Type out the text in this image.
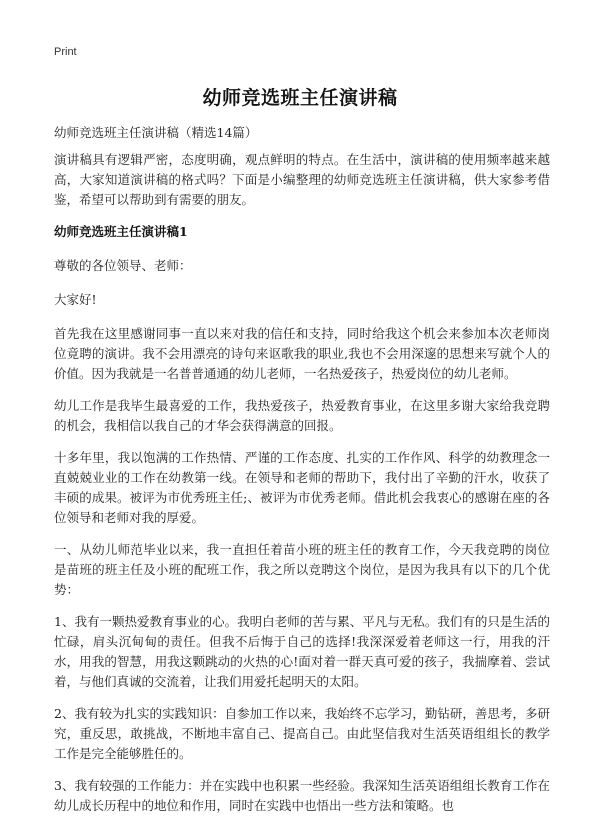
Print
幼师竞选班主任演讲稿
幼师竞选班主任演讲稿（精选14篇）

演讲稿具有逻辑严密，态度明确，观点鲜明的特点。在生活中，演讲稿的使用频率越来越高，大家知道演讲稿的格式吗？下面是小编整理的幼师竞选班主任演讲稿，供大家参考借鉴，希望可以帮助到有需要的朋友。

幼师竞选班主任演讲稿1

尊敬的各位领导、老师：

大家好!

首先我在这里感谢同事一直以来对我的信任和支持，同时给我这个机会来参加本次老师岗位竟聘的演讲。我不会用漂亮的诗句来讴歌我的职业,我也不会用深邃的思想来写就个人的价值。因为我就是一名普普通通的幼儿老师，一名热爱孩子，热爱岗位的幼儿老师。

幼儿工作是我毕生最喜爱的工作，我热爱孩子，热爱教育事业，在这里多谢大家给我竞聘的机会，我相信以我自己的才华会获得满意的回报。

十多年里，我以饱满的工作热情、严谨的工作态度、扎实的工作作风、科学的幼教理念一直兢兢业业的工作在幼教第一线。在领导和老师的帮助下，我付出了辛勤的汗水，收获了丰硕的成果。被评为市优秀班主任;、被评为市优秀老师。借此机会我衷心的感谢在座的各位领导和老师对我的厚爱。

一、从幼儿师范毕业以来，我一直担任着苗小班的班主任的教育工作，今天我竞聘的岗位是苗班的班主任及小班的配班工作，我之所以竞聘这个岗位，是因为我具有以下的几个优势：

1、我有一颗热爱教育事业的心。我明白老师的苦与累、平凡与无私。我们有的只是生活的忙碌，肩头沉甸甸的责任。但我不后悔于自己的选择!我深深爱着老师这一行，用我的汗水，用我的智慧，用我这颗跳动的火热的心!面对着一群天真可爱的孩子，我揣摩着、尝试着，与他们真诚的交流着，让我们用爱托起明天的太阳。

2、我有较为扎实的实践知识：自参加工作以来，我始终不忘学习，勤钻研，善思考，多研究，重反思，敢挑战，不断地丰富自己、提高自己。由此坚信我对生活英语组组长的教学工作是完全能够胜任的。

3、我有较强的工作能力：并在实践中也积累一些经验。我深知生活英语组组长教育工作在幼儿成长历程中的地位和作用，同时在实践中也悟出一些方法和策略。也
